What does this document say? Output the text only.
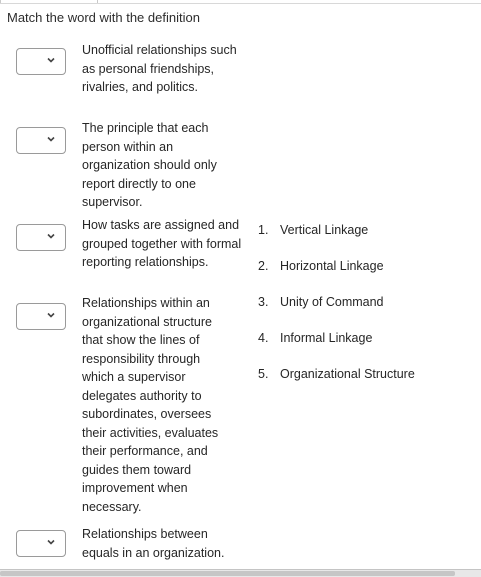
Match the word with the definition

Unofficial relationships such as personal friendships, rivalries, and politics.

The principle that each person within an organization should only report directly to one supervisor.

How tasks are assigned and grouped together with formal reporting relationships.

Relationships within an organizational structure that show the lines of responsibility through which a supervisor delegates authority to subordinates, oversees their activities, evaluates their performance, and guides them toward improvement when necessary.

Relationships between equals in an organization.

1. Vertical Linkage
2. Horizontal Linkage
3. Unity of Command
4. Informal Linkage
5. Organizational Structure
